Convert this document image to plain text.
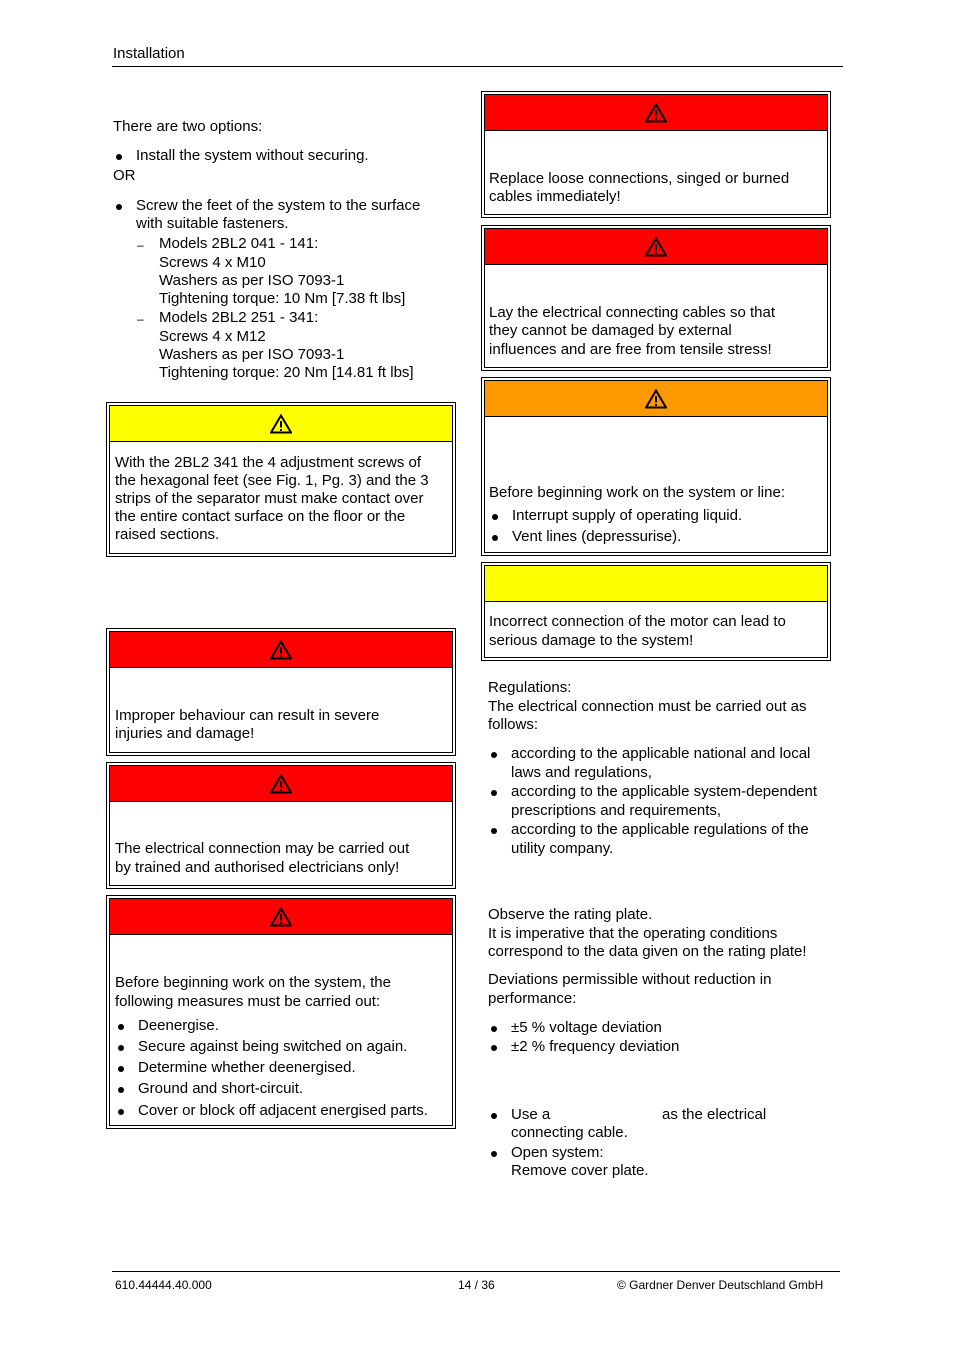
Installation
There are two options:
Install the system without securing.
OR
Screw the feet of the system to the surface
with suitable fasteners.
– Models 2BL2 041 - 141:
Screws 4 x M10
Washers as per ISO 7093-1
Tightening torque: 10 Nm [7.38 ft lbs]
– Models 2BL2 251 - 341:
Screws 4 x M12
Washers as per ISO 7093-1
Tightening torque: 20 Nm [14.81 ft lbs]
With the 2BL2 341 the 4 adjustment screws of
the hexagonal feet (see Fig. 1, Pg. 3) and the 3
strips of the separator must make contact over
the entire contact surface on the floor or the
raised sections.
Improper behaviour can result in severe
injuries and damage!
The electrical connection may be carried out
by trained and authorised electricians only!
Before beginning work on the system, the
following measures must be carried out:
Deenergise.
Secure against being switched on again.
Determine whether deenergised.
Ground and short-circuit.
Cover or block off adjacent energised parts.
Replace loose connections, singed or burned
cables immediately!
Lay the electrical connecting cables so that
they cannot be damaged by external
influences and are free from tensile stress!
Before beginning work on the system or line:
Interrupt supply of operating liquid.
Vent lines (depressurise).
Incorrect connection of the motor can lead to
serious damage to the system!
Regulations:
The electrical connection must be carried out as
follows:
according to the applicable national and local
laws and regulations,
according to the applicable system-dependent
prescriptions and requirements,
according to the applicable regulations of the
utility company.
Observe the rating plate.
It is imperative that the operating conditions
correspond to the data given on the rating plate!
Deviations permissible without reduction in
performance:
±5 % voltage deviation
±2 % frequency deviation
Use a	as the electrical
connecting cable.
Open system:
Remove cover plate.
610.44444.40.000	14 / 36	© Gardner Denver Deutschland GmbH
